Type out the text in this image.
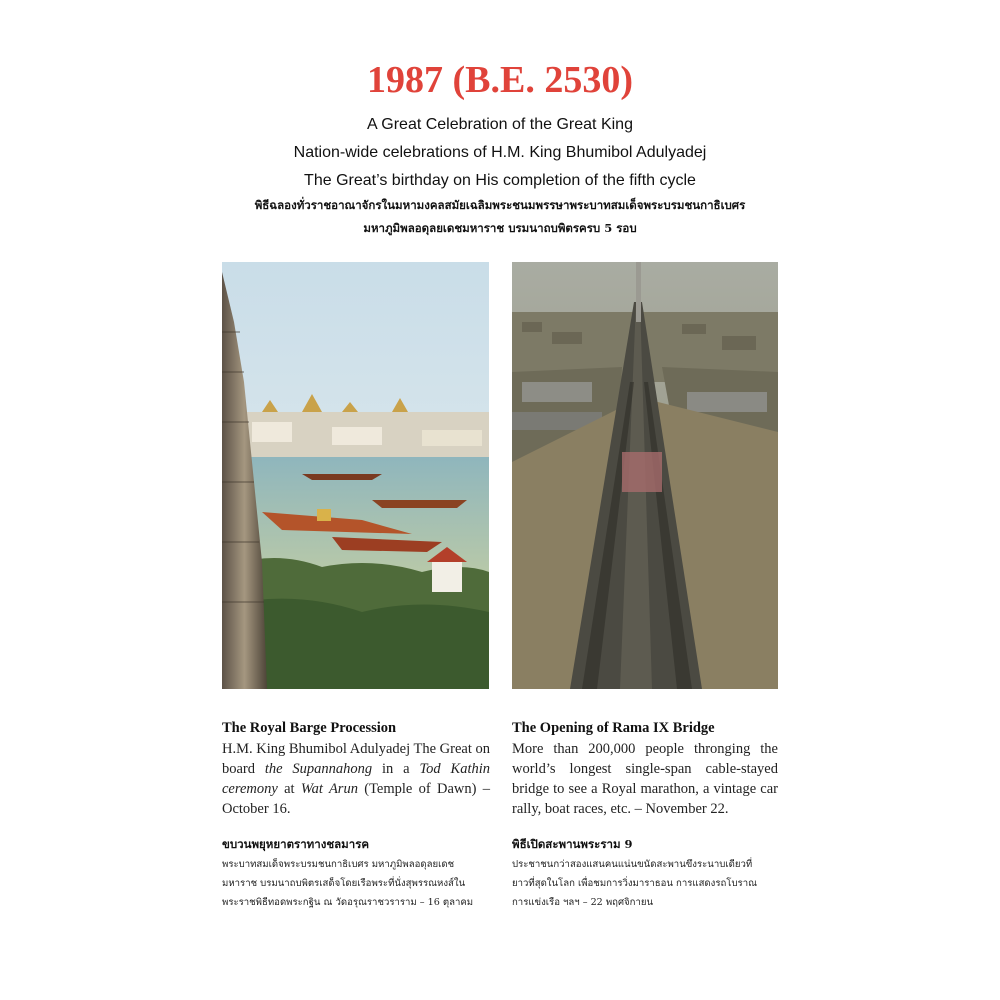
1987 (B.E. 2530)
A Great Celebration of the Great King
Nation-wide celebrations of H.M. King Bhumibol Adulyadej
The Great’s birthday on His completion of the fifth cycle
พิธีฉลองทั่วราชอาณาจักรในมหามงคลสมัยเฉลิมพระชนมพรรษาพระบาทสมเด็จพระบรมชนกาธิเบศร
มหาภูมิพลอดุลยเดชมหาราช บรมนาถบพิตรครบ 5 รอบ
The Royal Barge Procession
H.M. King Bhumibol Adulyadej The Great on board the Supannahong in a Tod Kathin ceremony at Wat Arun (Temple of Dawn) – October 16.
ขบวนพยุหยาตราทางชลมารค
พระบาทสมเด็จพระบรมชนกาธิเบศร มหาภูมิพลอดุลยเดช
มหาราช บรมนาถบพิตรเสด็จโดยเรือพระที่นั่งสุพรรณหงส์ใน
พระราชพิธีทอดพระกฐิน ณ วัดอรุณราชวราราม – 16 ตุลาคม
The Opening of Rama IX Bridge
More than 200,000 people thronging the world’s longest single-span cable-stayed bridge to see a Royal marathon, a vintage car rally, boat races, etc. – November 22.
พิธีเปิดสะพานพระราม 9
ประชาชนกว่าสองแสนคนแน่นขนัดสะพานขึงระนาบเดียวที่
ยาวที่สุดในโลก เพื่อชมการวิ่งมาราธอน การแสดงรถโบราณ
การแข่งเรือ ฯลฯ – 22 พฤศจิกายน
